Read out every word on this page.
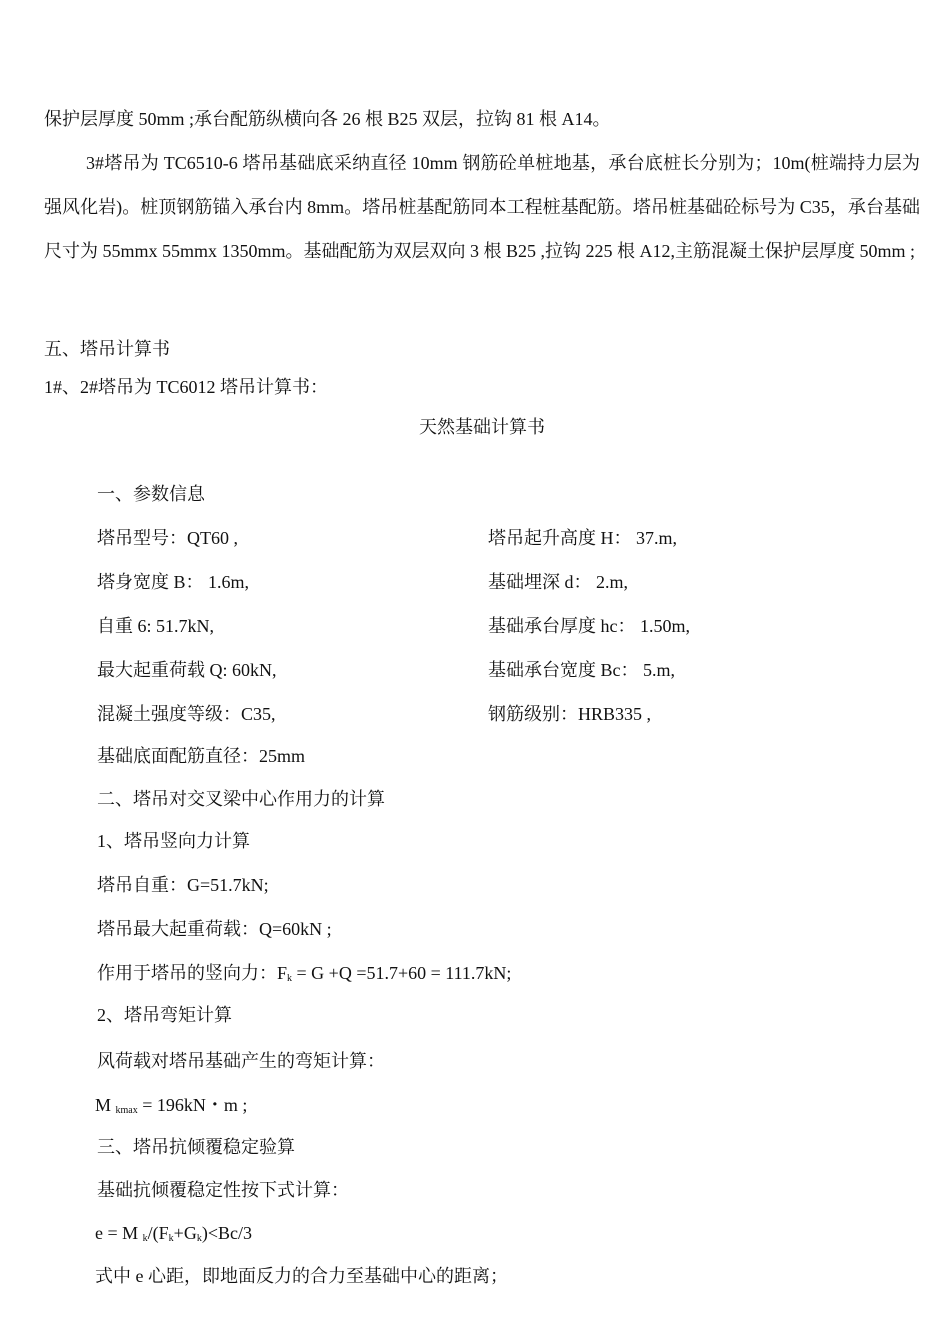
保护层厚度 50mm ;承台配筋纵横向各 26 根 B25 双层，拉钩 81 根 A14。
3#塔吊为 TC6510-6 塔吊基础底采纳直径 10mm 钢筋砼单桩地基，承台底桩长分别为；10m(桩端持力层为强风化岩)。桩顶钢筋锚入承台内 8mm。塔吊桩基配筋同本工程桩基配筋。塔吊桩基础砼标号为 C35，承台基础尺寸为 55mmx 55mmx 1350mm。基础配筋为双层双向 3 根 B25 ,拉钩 225 根 A12,主筋混凝土保护层厚度 50mm ;
五、塔吊计算书
1#、2#塔吊为 TC6012 塔吊计算书：
天然基础计算书
一、参数信息
塔吊型号：QT60 ,	塔吊起升高度 H： 37.m,
塔身宽度 B： 1.6m,	基础埋深 d： 2.m,
自重 6: 51.7kN,	基础承台厚度 hc： 1.50m,
最大起重荷载 Q: 60kN,	基础承台宽度 Bc： 5.m,
混凝土强度等级：C35,	钢筋级别：HRB335 ,
基础底面配筋直径：25mm
二、塔吊对交叉梁中心作用力的计算
1、塔吊竖向力计算
塔吊自重：G=51.7kN;
塔吊最大起重荷载：Q=60kN ;
作用于塔吊的竖向力：$F_k = G +Q =51.7+60 = 111.7kN$;
2、塔吊弯矩计算
风荷载对塔吊基础产生的弯矩计算：
M $_{kmax}$ = 196kN・m ;
三、塔吊抗倾覆稳定验算
基础抗倾覆稳定性按下式计算：
e = M $_k/(F_k+G_k)<Bc/3$
式中 e 心距，即地面反力的合力至基础中心的距离；
